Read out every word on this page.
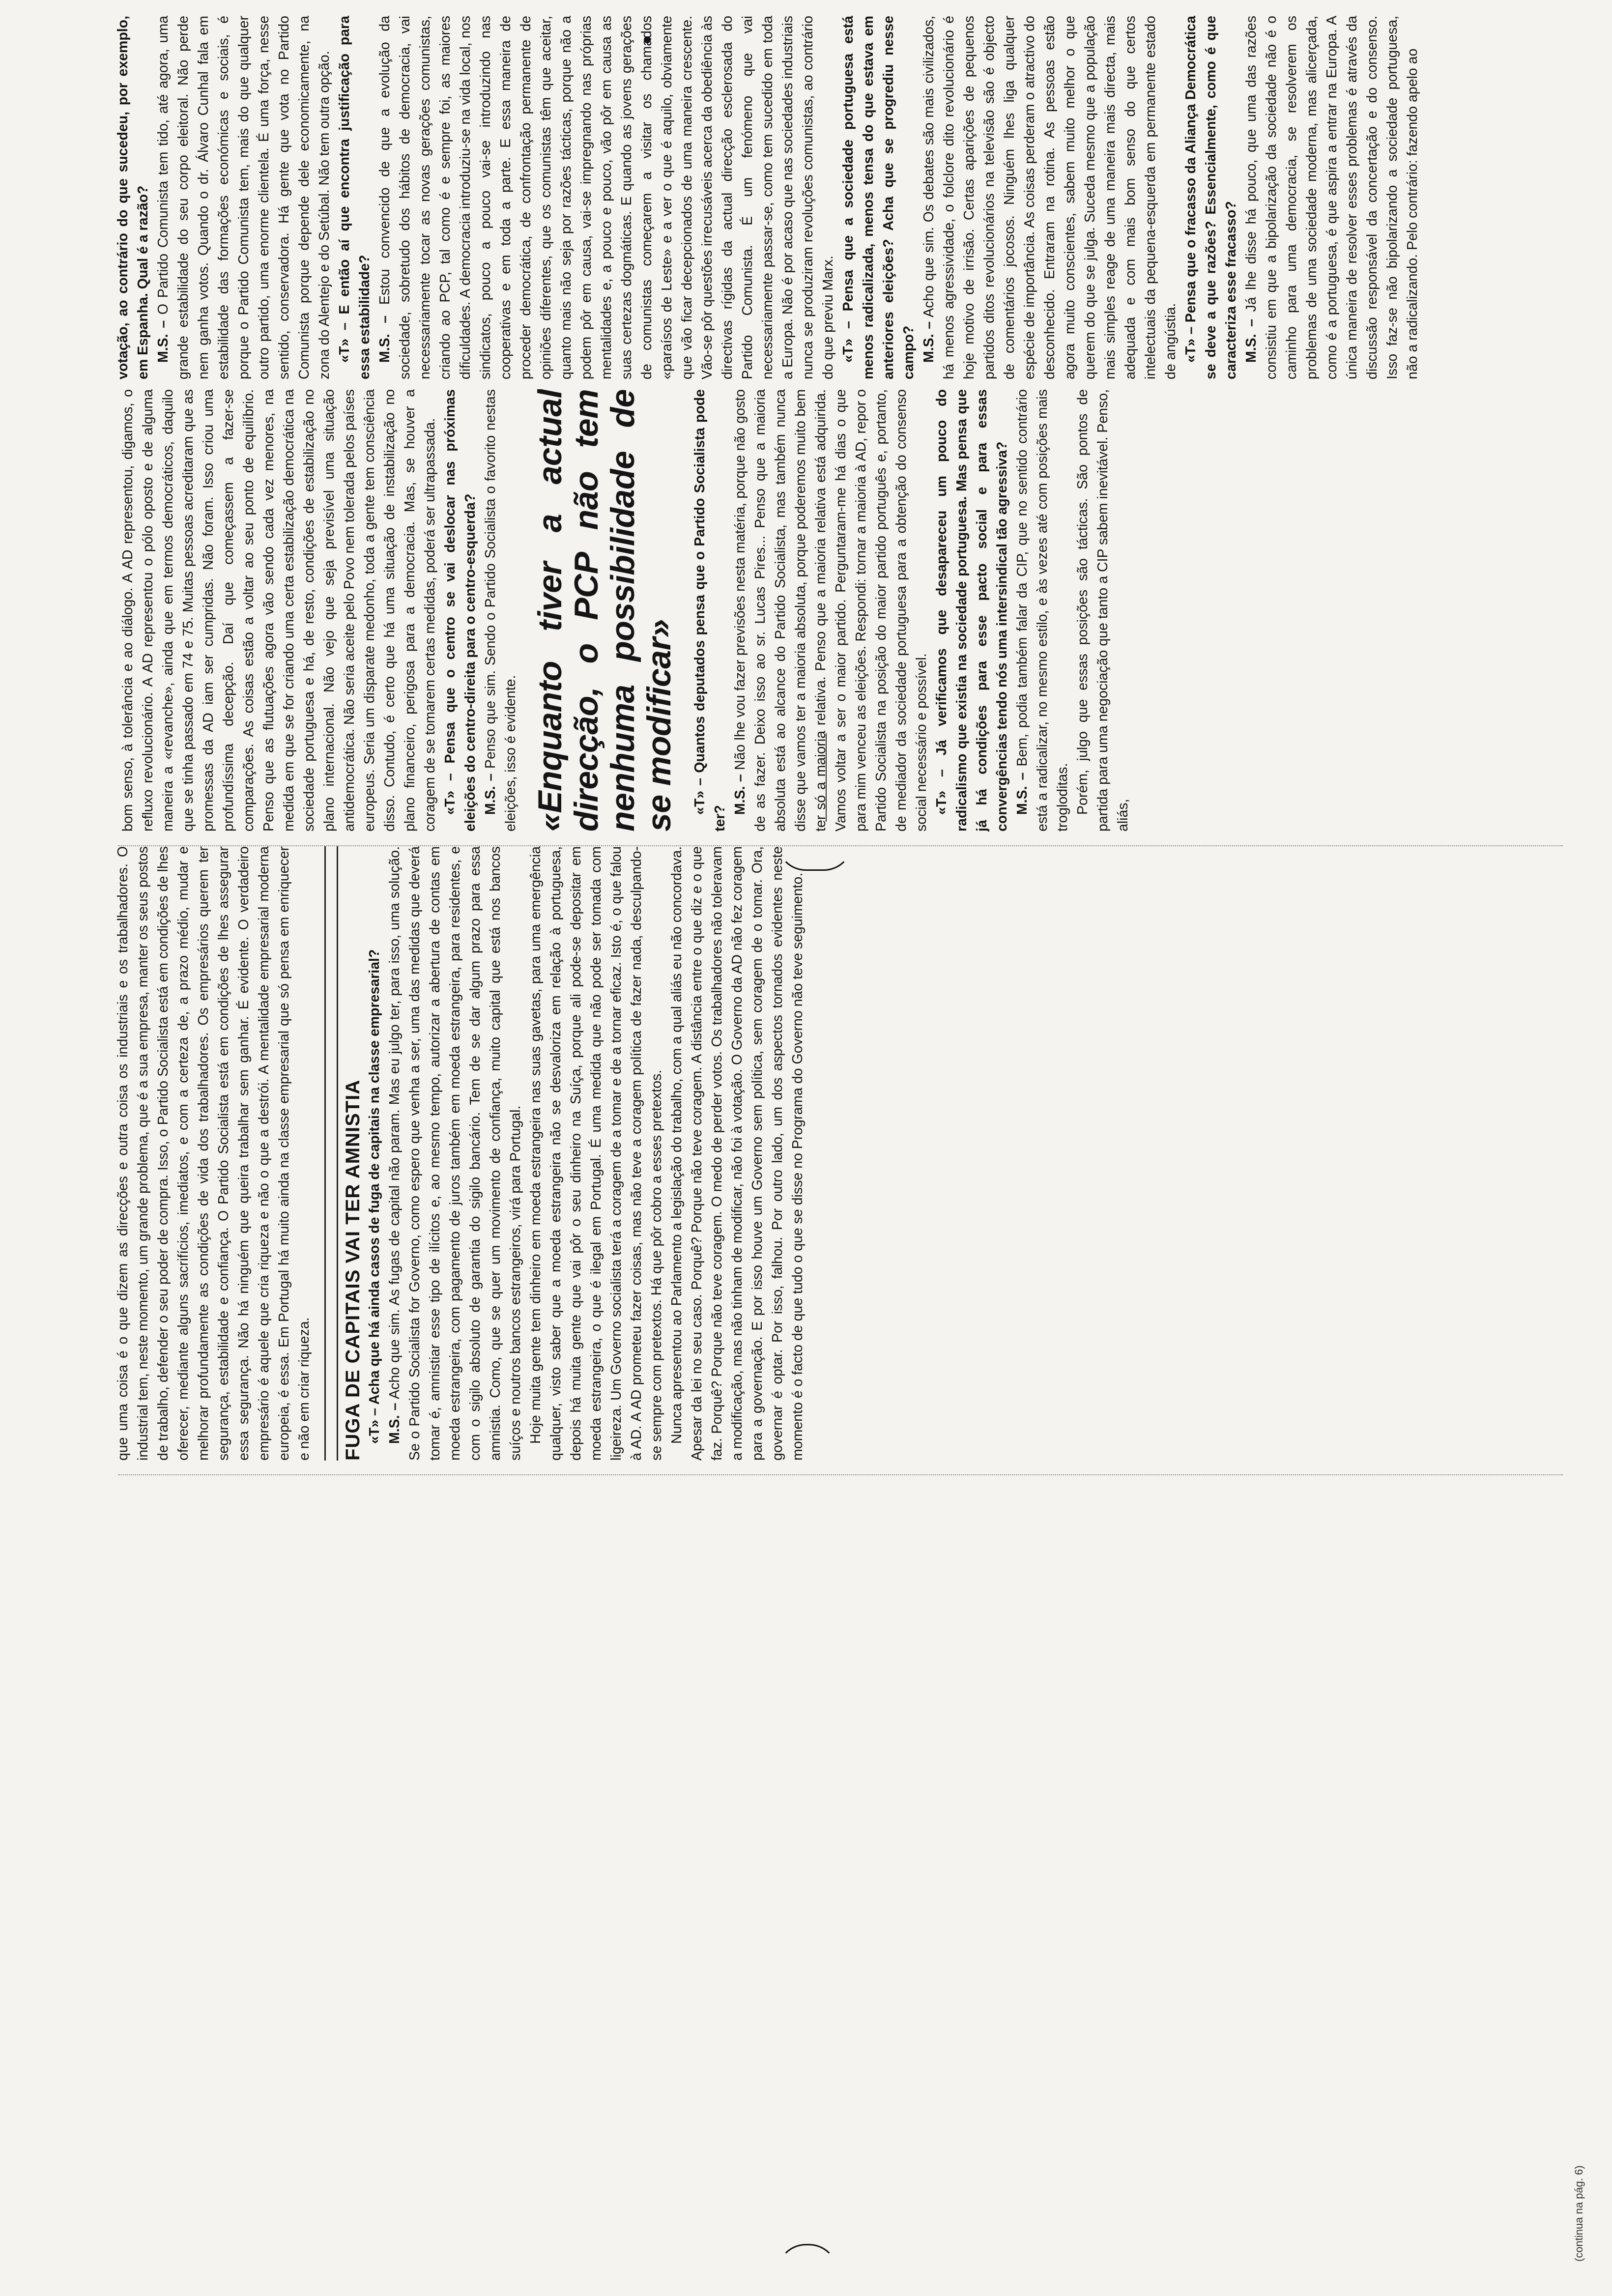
votação, ao contrário do que sucedeu, por exemplo, em Espanha. Qual é a razão? M.S. – O Partido Comunista tem tido, até agora, uma grande estabilidade do seu corpo eleitoral. Não perde nem ganha votos. Quando o dr. Álvaro Cunhal fala em estabilidade das formações económicas e sociais, é porque o Partido Comunista tem, mais do que qualquer outro partido, uma enorme clientela. É uma força, nesse sentido, conservadora. Há gente que vota no Partido Comunista porque depende dele economicamente, na zona do Alentejo e do Setúbal. Não tem outra opção. «T» – E então aí que encontra justificação para essa estabilidade? M.S. – Estou convencido de que a evolução da sociedade, sobretudo dos hábitos de democracia, vai necessariamente tocar as novas gerações comunistas, criando ao PCP, tal como é e sempre foi, as maiores dificuldades. A democracia introduziu-se na vida local, nos sindicatos, pouco a pouco vai-se introduzindo nas cooperativas e em toda a parte. E essa maneira de proceder democrática, de confrontação permanente de opiniões diferentes, que os comunistas têm que aceitar, quanto mais não seja por razões tácticas, porque não a podem pôr em causa, vai-se impregnando nas próprias mentalidades e, a pouco e pouco, vão pôr em causa as suas certezas dogmáticas. E quando as jovens gerações de comunistas começarem a visitar os chamados «paraísos de Leste» e a ver o que é aquilo, obviamente que vão ficar decepcionados de uma maneira crescente. Vão-se pôr questões irrecusáveis acerca da obediência às directivas rígidas da actual direcção esclerosada do Partido Comunista. É um fenómeno que vai necessariamente passar-se, como tem sucedido em toda a Europa. Não é por acaso que nas sociedades industriais nunca se produziram revoluções comunistas, ao contrário do que previu Marx. «T» – Pensa que a sociedade portuguesa está menos radicalizada, menos tensa do que estava em anteriores eleições? Acha que se progrediu nesse campo? M.S. – Acho que sim. Os debates são mais civilizados, há menos agressividade, o folclore dito revolucionário é hoje motivo de irrisão. Certas aparições de pequenos partidos ditos revolucionários na televisão são é objecto de comentários jocosos. Ninguém lhes liga qualquer espécie de importância. As coisas perderam o atractivo do desconhecido. Entraram na rotina. As pessoas estão agora muito conscientes, sabem muito melhor o que querem do que se julga. Suceda mesmo que a população mais simples reage de uma maneira mais directa, mais adequada e com mais bom senso do que certos intelectuais da pequena-esquerda em permanente estado de angústia. «T» – Pensa que o fracasso da Aliança Democrática se deve a que razões? Essencialmente, como é que caracteriza esse fracasso? M.S. – Já lhe disse há pouco, que uma das razões consistiu em que a bipolarização da sociedade não é o caminho para uma democracia, se resolverem os problemas de uma sociedade moderna, mas alicerçada, como é a portuguesa, é que aspira a entrar na Europa. A única maneira de resolver esses problemas é através da discussão responsável da concertação e do consenso. Isso faz-se não bipolarizando a sociedade portuguesa, não a radicalizando. Pelo contrário: fazendo apelo ao

bom senso, à tolerância e ao diálogo. A AD representou, digamos, o refluxo revolucionário. A AD representou o pólo oposto e de alguma maneira a «revanche», ainda que em termos democráticos, daquilo que se tinha passado em 74 e 75. Muitas pessoas acreditaram que as promessas da AD iam ser cumpridas. Não foram. Isso criou uma profundíssima decepção. Daí que começassem a fazer-se comparações. As coisas estão a voltar ao seu ponto de equilíbrio. Penso que as flutuações agora vão sendo cada vez menores, na medida em que se for criando uma certa estabilização democrática na sociedade portuguesa e há, de resto, condições de estabilização no plano internacional. Não vejo que seja previsível uma situação antidemocrática. Não seria aceite pelo Povo nem tolerada pelos países europeus. Seria um disparate medonho, toda a gente tem consciência disso. Contudo, é certo que há uma situação de instabilização no plano financeiro, perigosa para a democracia. Mas, se houver a coragem de se tomarem certas medidas, poderá ser ultrapassada. «T» – Pensa que o centro se vai deslocar nas próximas eleições do centro-direita para o centro-esquerda? M.S. – Penso que sim. Sendo o Partido Socialista o favorito nestas eleições, isso é evidente. «Enquanto tiver a actual direcção, o PCP não tem nenhuma possibilidade de se modificar» «T» – Quantos deputados pensa que o Partido Socialista pode ter?

M.S. – Não lhe vou fazer previsões nesta matéria, porque não gosto de as fazer. Deixo isso ao sr. Lucas Pires... Penso que a maioria absoluta está ao alcance do Partido Socialista, mas também nunca disse que vamos ter a maioria absoluta, porque poderemos muito bem ter só a maioria relativa. Penso que a maioria relativa está adquirida. Vamos voltar a ser o maior partido. Perguntaram-me há dias o que para mim venceu as eleições. Respondi: tornar a maioria à AD, repor o Partido Socialista na posição do maior partido português e, portanto, de mediador da sociedade portuguesa para a obtenção do consenso social necessário e possível. «T» – Já verificamos que desapareceu um pouco do radicalismo que existia na sociedade portuguesa. Mas pensa que já há condições para esse pacto social e para essas convergências tendo nós uma intersindical tão agressiva? M.S. – Bem, podia também falar da CIP, que no sentido contrário está a radicalizar, no mesmo estilo, e às vezes até com posições mais trogloditas. Porém, julgo que essas posições são tácticas. São pontos de partida para uma negociação que tanto a CIP sabem inevitável. Penso, aliás,

que uma coisa é o que dizem as direcções e outra coisa os industriais e os trabalhadores. O industrial tem, neste momento, um grande problema, que é a sua empresa, manter os seus postos de trabalho, defender o seu poder de compra. Isso, o Partido Socialista está em condições de lhes oferecer, mediante alguns sacrifícios, imediatos, e com a certeza de, a prazo médio, mudar e melhorar profundamente as condições de vida dos trabalhadores. Os empresários querem ter segurança, estabilidade e confiança. O Partido Socialista está em condições de lhes assegurar essa segurança. Não há ninguém que queira trabalhar sem ganhar. É evidente. O verdadeiro empresário é aquele que cria riqueza e não o que a destrói. A mentalidade empresarial moderna europeia, é essa. Em Portugal há muito ainda na classe empresarial que só pensa em enriquecer e não em criar riqueza. FUGA DE CAPITAIS VAI TER AMNISTIA «T» – Acha que há ainda casos de fuga de capitais na classe empresarial? M.S. – Acho que sim. As fugas de capital não param. Mas eu julgo ter, para isso, uma solução. Se o Partido Socialista for Governo, como espero que venha a ser, uma das medidas que deverá tomar é, amnistiar esse tipo de ilícitos e, ao mesmo tempo, autorizar a abertura de contas em moeda estrangeira, com pagamento de juros também em moeda estrangeira, para residentes, e com o sigilo absoluto de garantia do sigilo bancário. Tem de se dar algum prazo para essa amnistia. Como, que se quer um movimento de confiança, muito capital que está nos bancos suíços e noutros bancos estrangeiros, virá para Portugal. Hoje muita gente tem dinheiro em moeda estrangeira nas suas gavetas, para uma emergência qualquer, visto saber que a moeda estrangeira não se desvaloriza em relação à portuguesa, depois há muita gente que vai pôr o seu dinheiro na Suíça, porque ali pode-se depositar em moeda estrangeira, o que é ilegal em Portugal. É uma medida que não pode ser tomada com ligeireza. Um Governo socialista terá a coragem de a tomar e de a tornar eficaz. Isto é, o que falou à AD. A AD prometeu fazer coisas, mas não teve a coragem política de fazer nada, desculpando-se sempre com pretextos. Há que pôr cobro a esses pretextos. Nunca apresentou ao Parlamento a legislação do trabalho, com a qual aliás eu não concordava. Apesar da lei no seu caso. Porquê? Porque não teve coragem. A distância entre o que diz e o que faz. Porquê? Porque não teve coragem. O medo de perder votos. Os trabalhadores não toleravam a modificação, mas não tinham de modificar, não foi à votação. O Governo da AD não fez coragem para a governação. E por isso houve um Governo sem política, sem coragem de o tomar. Ora, governar é optar. Por isso, falhou. Por outro lado, um dos aspectos tornados evidentes neste momento é o facto de que tudo o que se disse no Programa do Governo não teve seguimento.

(continua na pág. 6)
